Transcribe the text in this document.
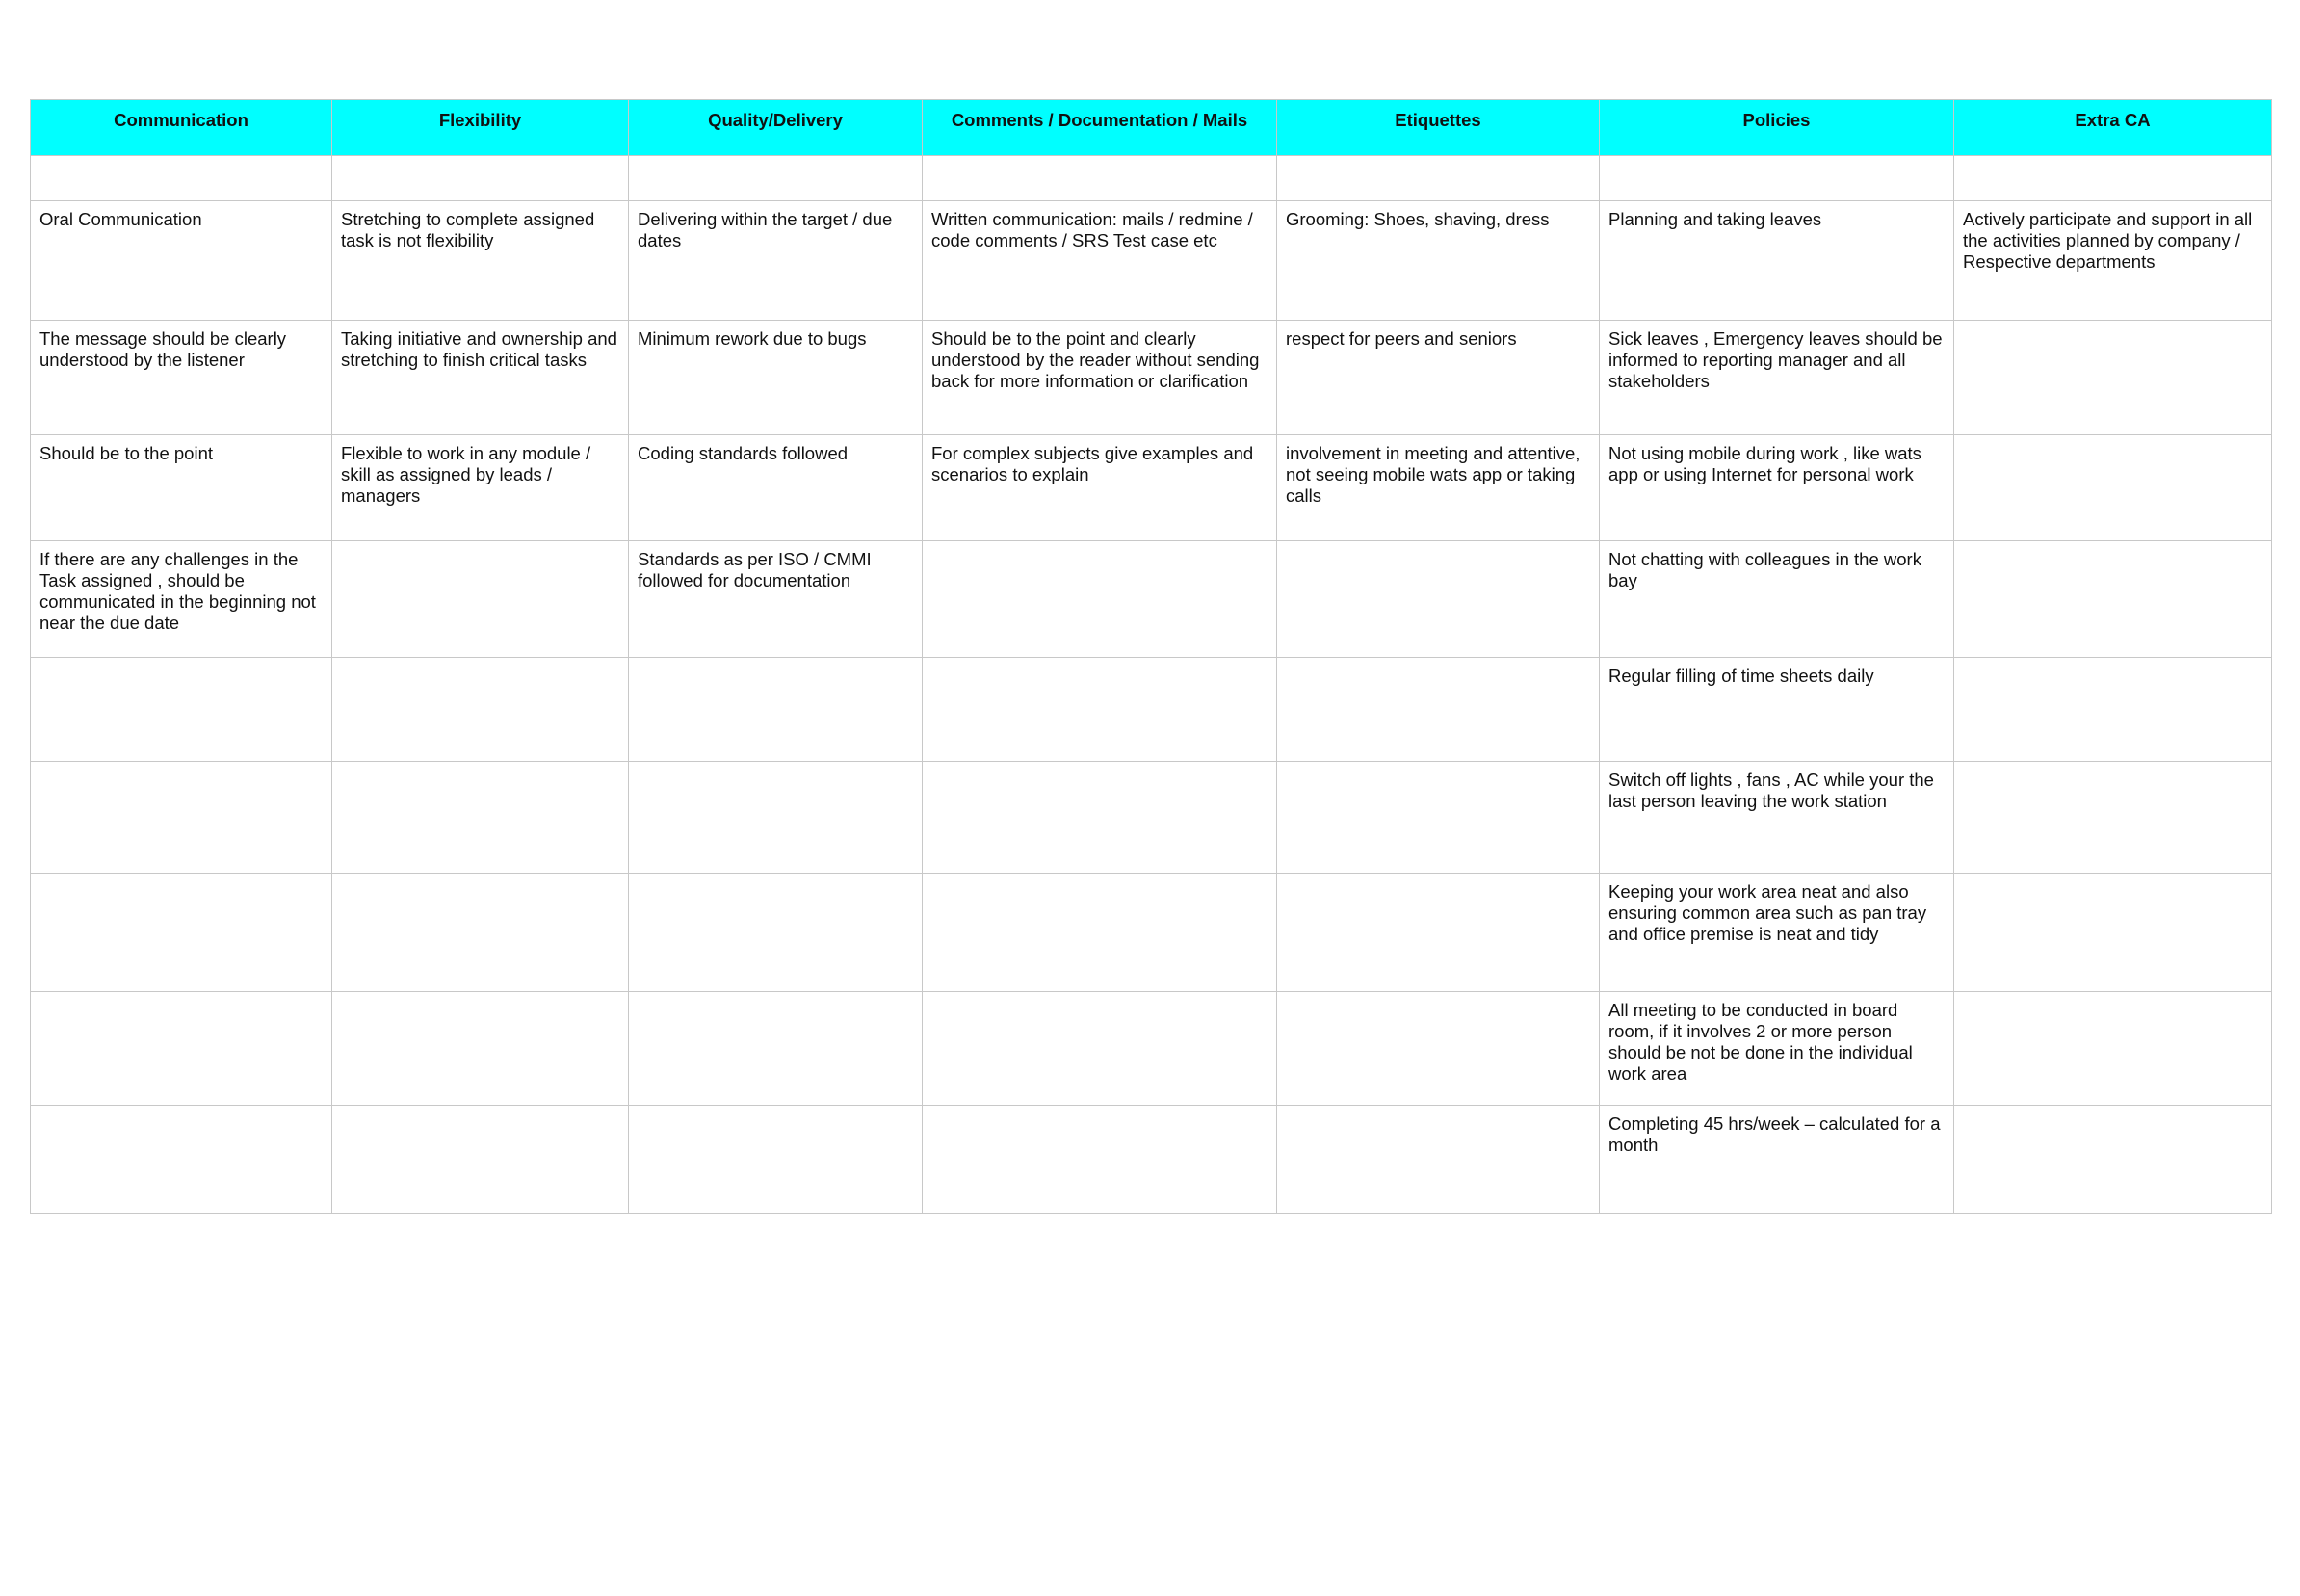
Communication	Flexibility	Quality/Delivery	Comments / Documentation / Mails	Etiquettes	Policies	Extra CA

Oral Communication	Stretching to complete assigned task is not flexibility	Delivering within the target / due dates	Written communication: mails / redmine / code comments / SRS Test case etc	Grooming: Shoes, shaving, dress	Planning and taking leaves	Actively participate and support in all the activities planned by company / Respective departments
The message should be clearly understood by the listener	Taking initiative and ownership and stretching to finish critical tasks	Minimum rework due to bugs	Should be to the point and clearly understood by the reader without sending back for more information or clarification	respect for peers and seniors	Sick leaves , Emergency leaves should be informed to reporting manager and all stakeholders	
Should be to the point	Flexible to work in any module / skill as assigned by leads / managers	Coding standards followed	For complex subjects give examples and scenarios to explain	involvement in meeting and attentive, not seeing mobile wats app or taking calls	Not using mobile during work , like wats app or using Internet for personal work	
If there are any challenges in the Task assigned , should be communicated in the beginning not near the due date		Standards as per ISO / CMMI followed for documentation			Not chatting with colleagues in the work bay	
					Regular filling of time sheets daily	
					Switch off lights , fans , AC while your the last person leaving the work station	
					Keeping your work area neat and also ensuring common area such as pan tray and office premise is neat and tidy	
					All meeting to be conducted in board room, if it involves 2 or more person should be not be done in the individual work area	
					Completing 45 hrs/week – calculated for a month	
